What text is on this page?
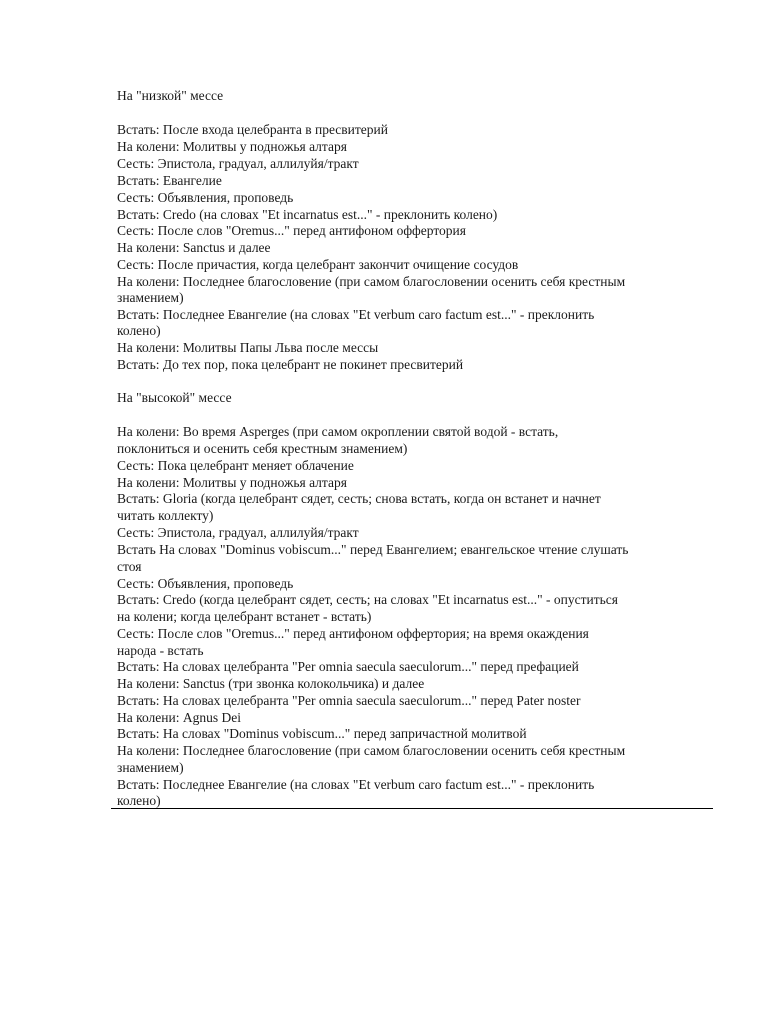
На "низкой" мессе
Встать: После входа целебранта в пресвитерий
На колени: Молитвы у подножья алтаря
Сесть: Эпистола, градуал, аллилуйя/тракт
Встать: Евангелие
Сесть: Объявления, проповедь
Встать: Credo (на словах "Et incarnatus est..." - преклонить колено)
Сесть: После слов "Oremus..." перед антифоном оффертория
На колени: Sanctus и далее
Сесть: После причастия, когда целебрант закончит очищение сосудов
На колени: Последнее благословение (при самом благословении осенить себя крестным
знамением)
Встать: Последнее Евангелие (на словах "Et verbum caro factum est..." - преклонить
колено)
На колени: Молитвы Папы Льва после мессы
Встать: До тех пор, пока целебрант не покинет пресвитерий
На "высокой" мессе
На колени: Во время Asperges (при самом окроплении святой водой - встать,
поклониться и осенить себя крестным знамением)
Сесть: Пока целебрант меняет облачение
На колени: Молитвы у подножья алтаря
Встать: Gloria (когда целебрант сядет, сесть; снова встать, когда он встанет и начнет
читать коллекту)
Сесть: Эпистола, градуал, аллилуйя/тракт
Встать На словах "Dominus vobiscum..." перед Евангелием; евангельское чтение слушать
стоя
Сесть: Объявления, проповедь
Встать: Credo (когда целебрант сядет, сесть; на словах "Et incarnatus est..." - опуститься
на колени; когда целебрант встанет - встать)
Сесть: После слов "Oremus..." перед антифоном оффертория; на время окаждения
народа - встать
Встать: На словах целебранта "Per omnia saecula saeculorum..." перед префацией
На колени: Sanctus (три звонка колокольчика) и далее
Встать: На словах целебранта "Per omnia saecula saeculorum..." перед Pater noster
На колени: Agnus Dei
Встать: На словах "Dominus vobiscum..." перед запричастной молитвой
На колени: Последнее благословение (при самом благословении осенить себя крестным
знамением)
Встать: Последнее Евангелие (на словах "Et verbum caro factum est..." - преклонить
колено)
